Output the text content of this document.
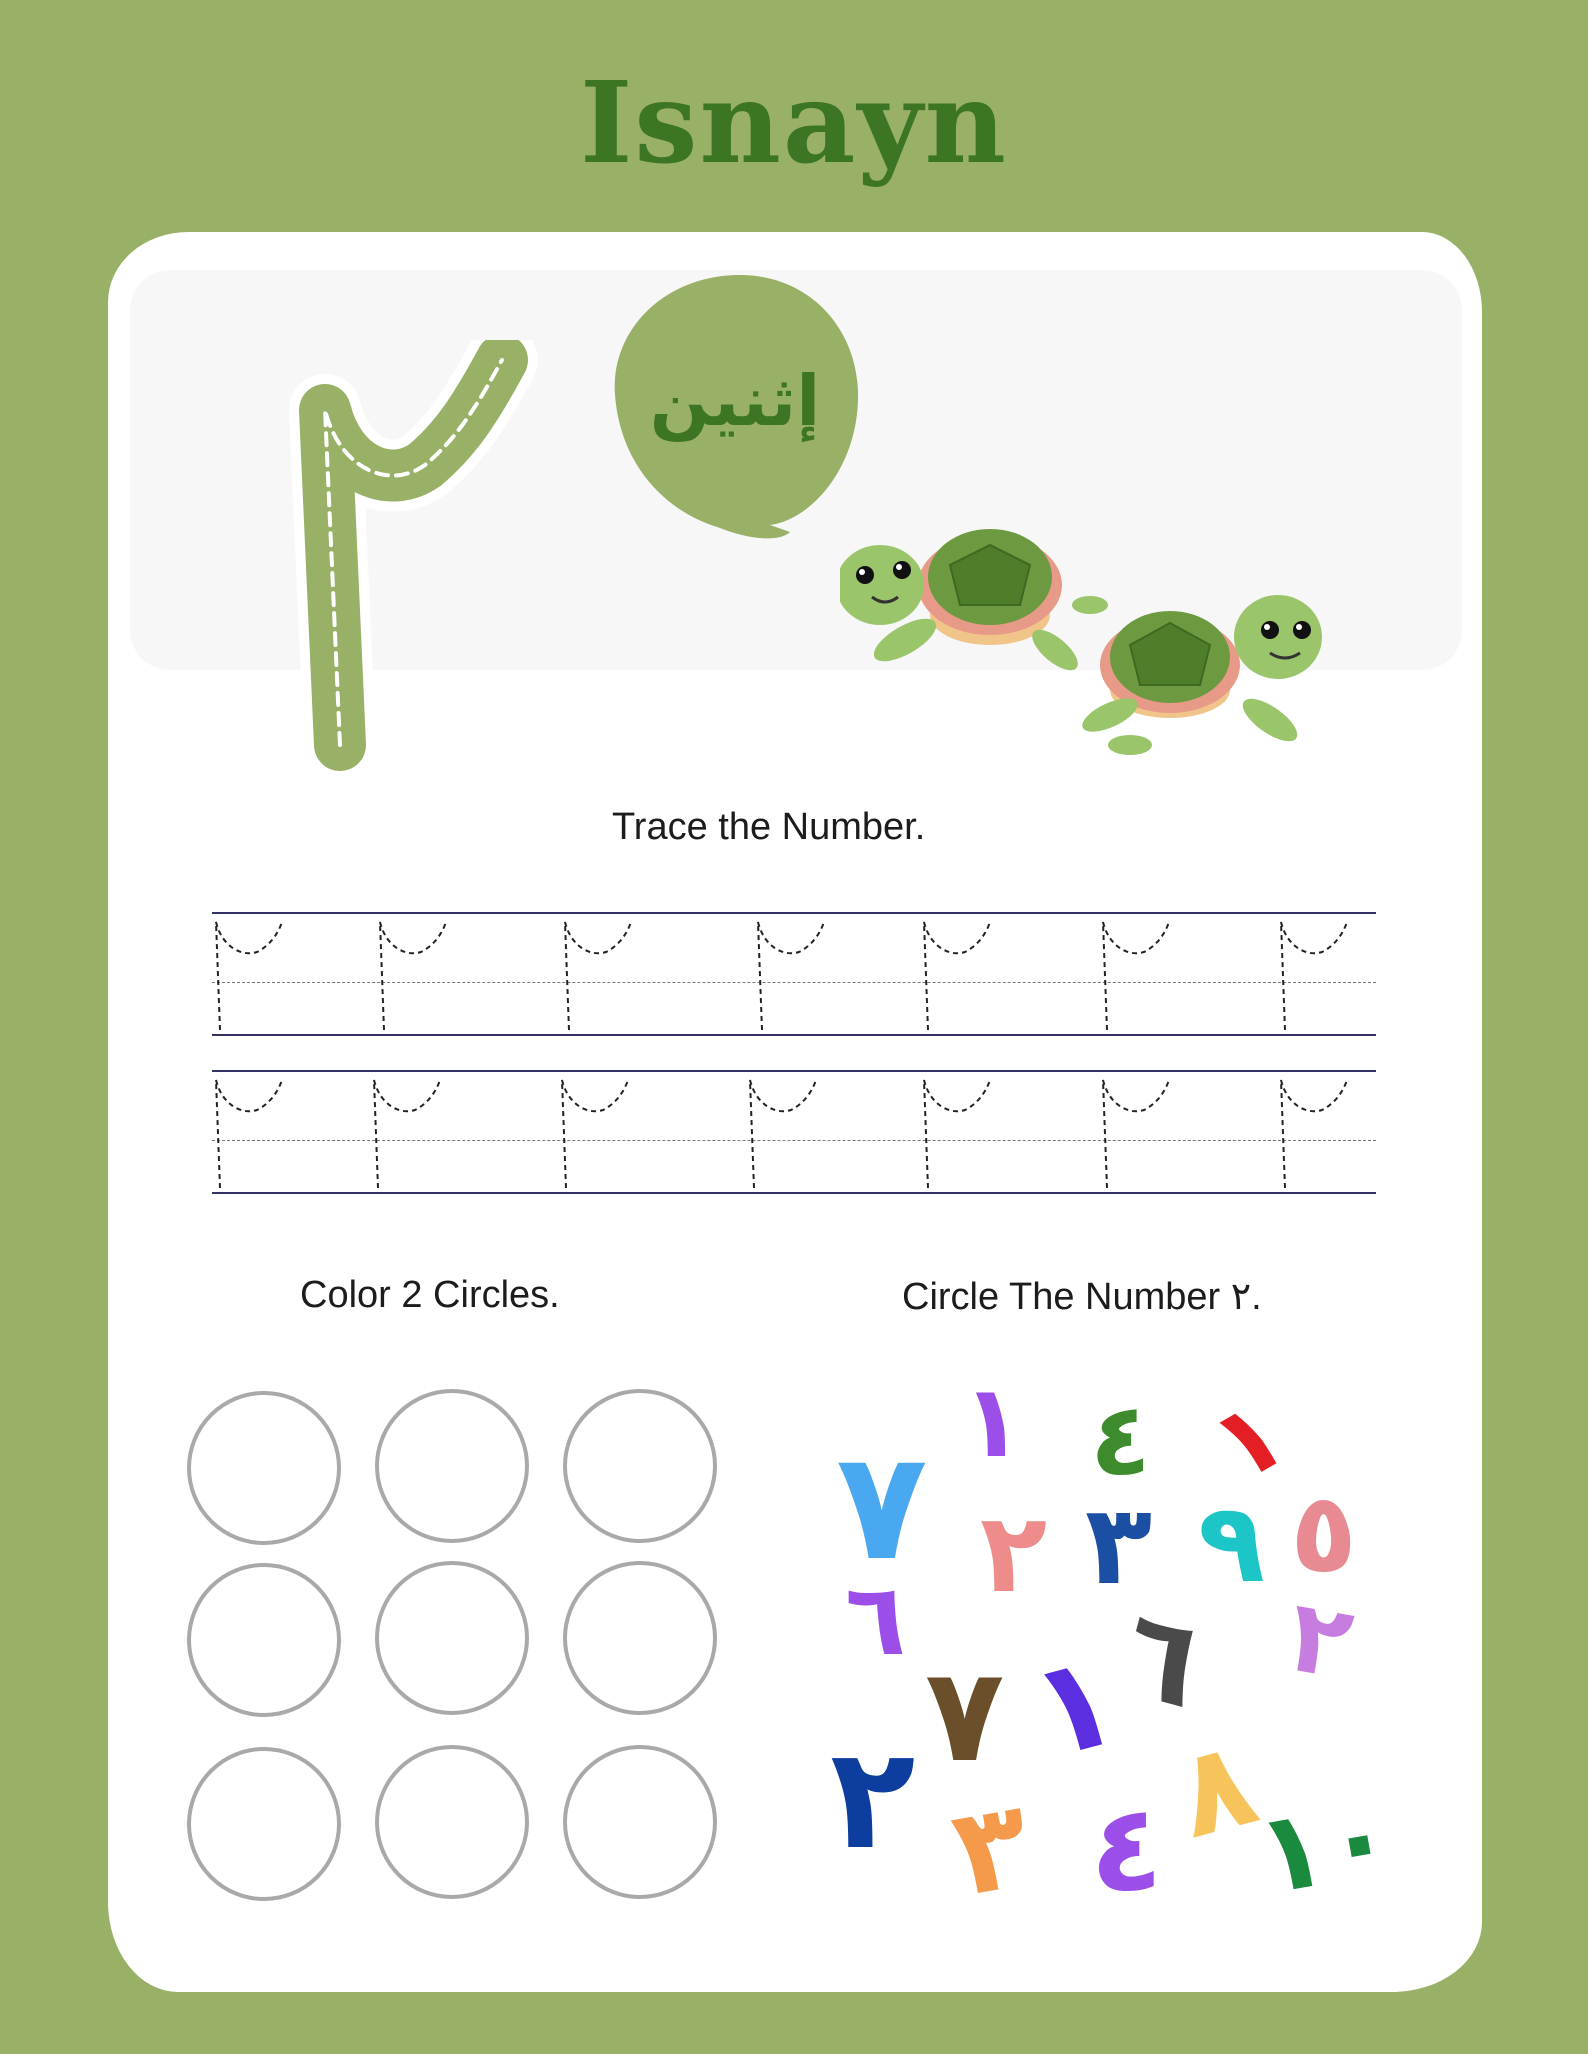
Isnayn
إثنين
Trace the Number.
Color 2 Circles.	Circle The Number ٢.
١ ٤ ١
٧ ٢ ٣ ٩ ٥
٦
٧ ١
٦ ٢
٢ ٣ ٤ ٨
١٠
